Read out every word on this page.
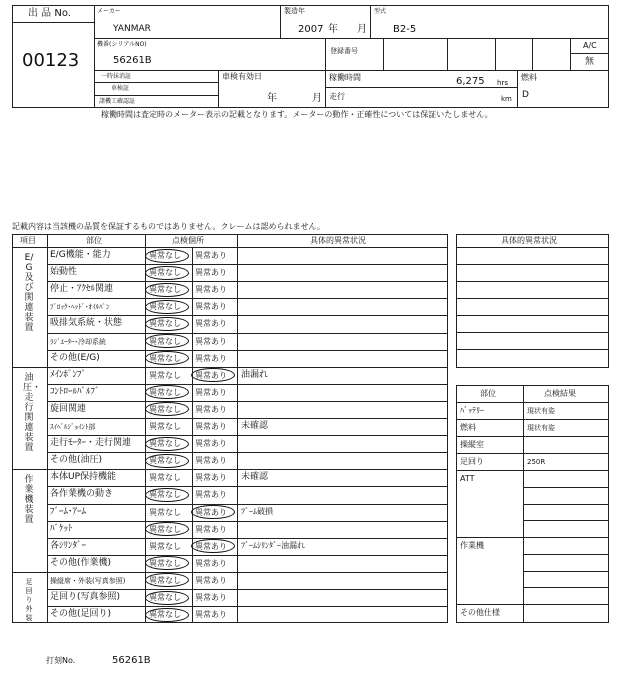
出 品 No.
00123
メーカー
YANMAR
製造年
2007 年 月
型式
B2-5
機番(シリアルNO)
56261B
登録番号
A/C
無
一時抹消証
車検証
諸機工確認証
車検有効日
年	月
稼働時間	6,275 hrs
走行	km
燃料
D
稼働時間は査定時のメーター表示の記載となります。メーターの動作・正確性については保証いたしません。
記載内容は当該機の品質を保証するものではありません。クレームは認められません。
項目	部位	点検個所	具体的異常状況
E/G及び関連装置
E/G機能・能力	異常なし 異常あり
始動性	異常なし 異常あり
停止・ｱｸｾﾙ関連	異常なし 異常あり
ﾌﾞﾛｯｸ･ﾍｯﾄﾞ･ｵｲﾙﾊﾟﾝ	異常なし 異常あり
吸排気系統・状態	異常なし 異常あり
ﾗｼﾞｴｰﾀｰ･冷却系統	異常なし 異常あり
その他(E/G)	異常なし 異常あり
油圧・走行関連装置
ﾒｲﾝﾎﾟﾝﾌﾟ	異常なし 異常あり 油漏れ
ｺﾝﾄﾛｰﾙﾊﾞﾙﾌﾞ	異常なし 異常あり
旋回関連	異常なし 異常あり
ｽｲﾍﾞﾙｼﾞｮｲﾝﾄ部	異常なし 異常あり 未確認
走行ﾓｰﾀｰ・走行関連 異常なし 異常あり
その他(油圧)	異常なし 異常あり
作業機装置
本体UP保持機能	異常なし 異常あり 未確認
各作業機の動き	異常なし 異常あり
ﾌﾞｰﾑ･ｱｰﾑ	異常なし 異常あり ﾌﾞｰﾑ破損
ﾊﾞｹｯﾄ	異常なし 異常あり
各ｼﾘﾝﾀﾞｰ	異常なし 異常あり ﾌﾞｰﾑｼﾘﾝﾀﾞｰ油漏れ
その他(作業機)	異常なし 異常あり
足回り外装
操縦席・外装(写真参照)	異常なし 異常あり
足回り(写真参照)	異常なし 異常あり
その他(足回り)	異常なし 異常あり
具体的異常状況
部位	点検結果
ﾊﾞｯﾃﾘｰ	現状有姿
燃料	現状有姿
操縦室
足回り	250R
ATT
作業機
その他仕様
打刻No.	56261B
